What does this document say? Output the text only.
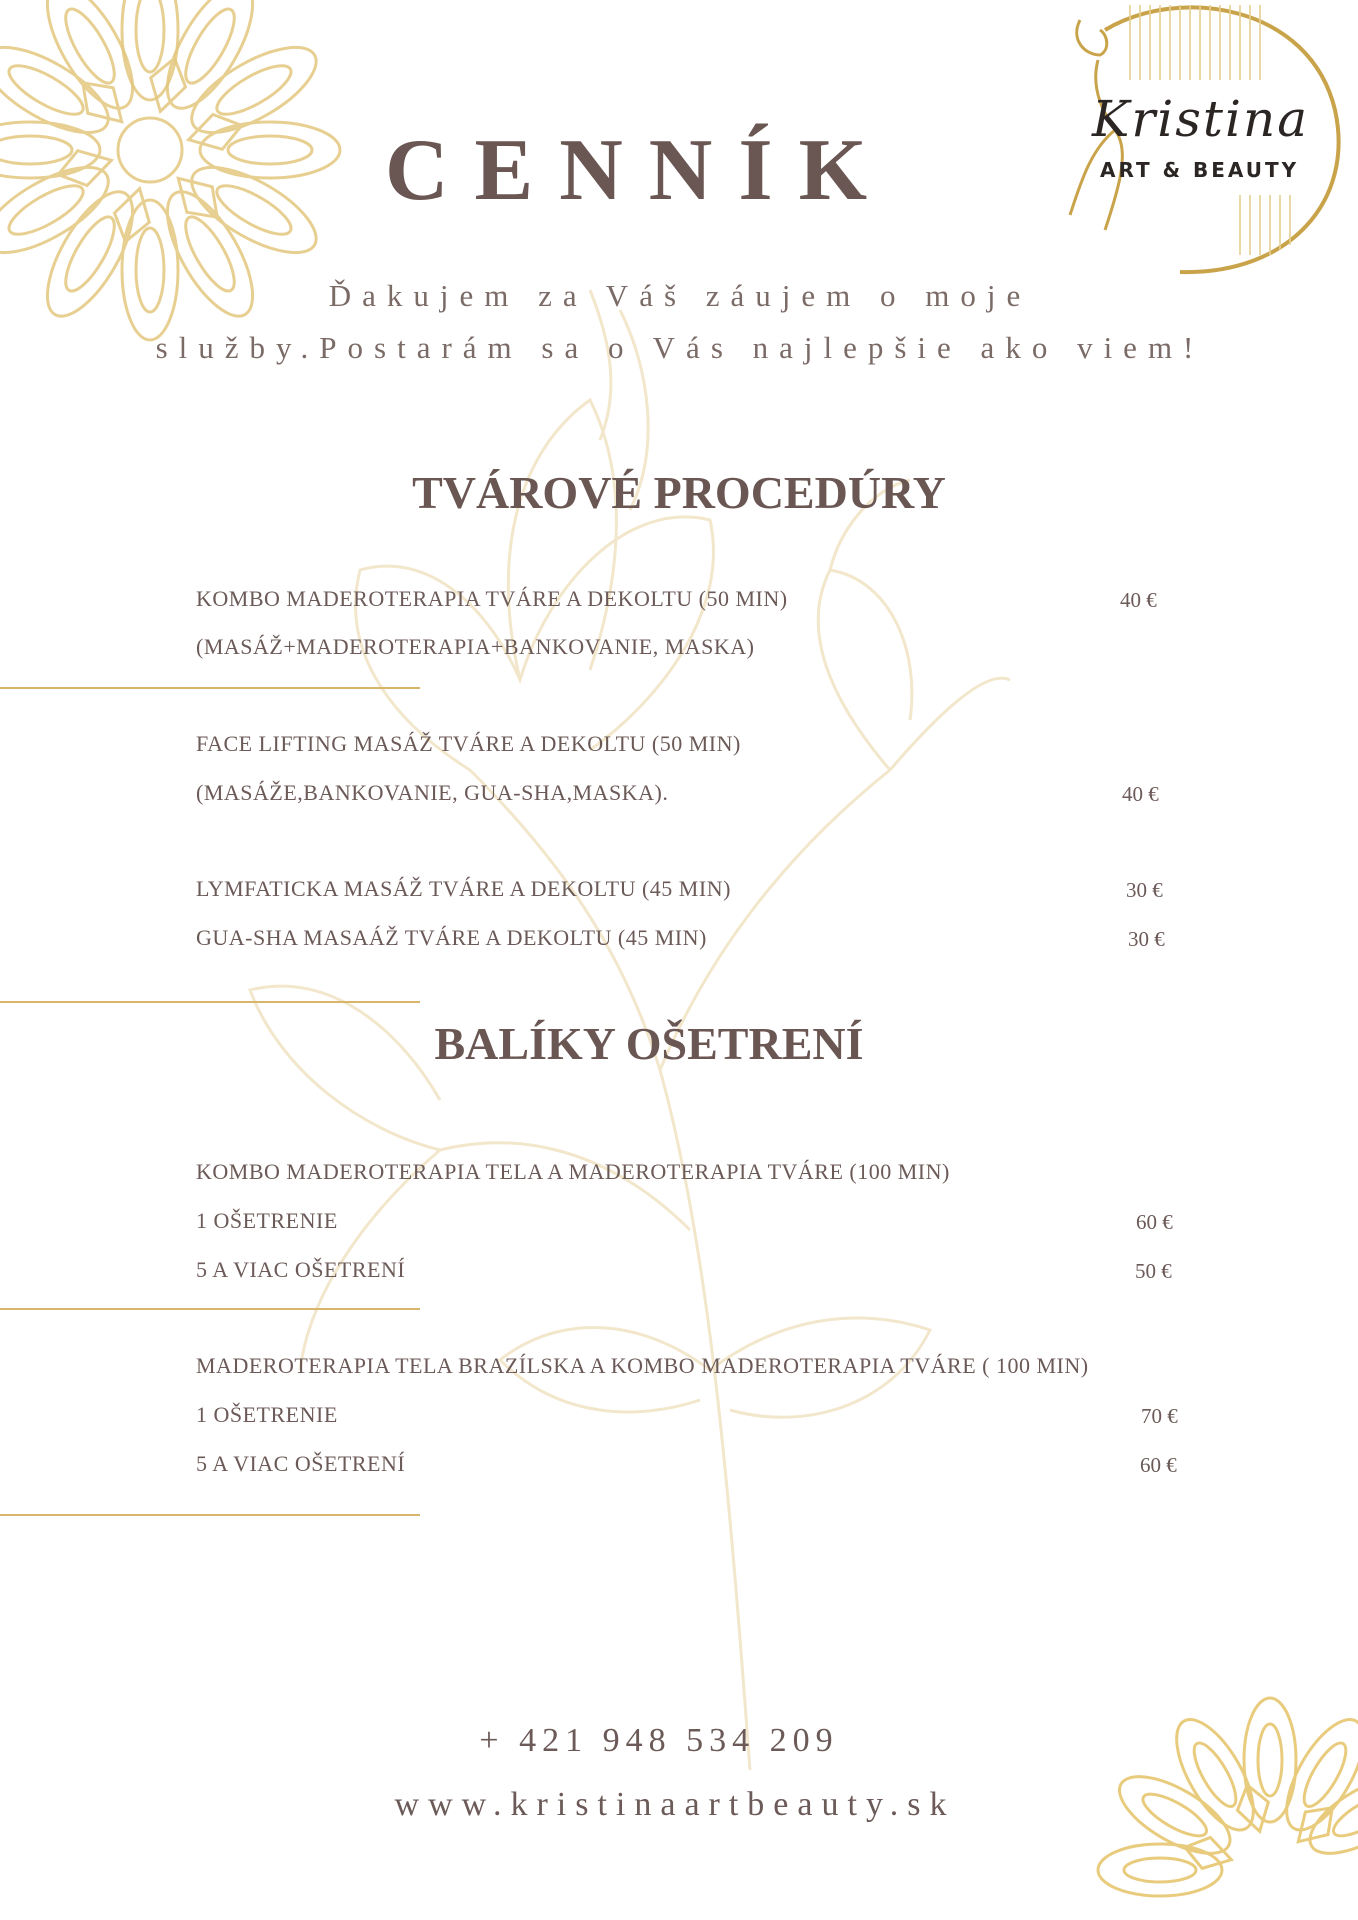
Kristina
ART & BEAUTY
CENNÍK

Ďakujem za Váš záujem o moje

služby.Postarám sa o Vás najlepšie ako viem!

TVÁROVÉ PROCEDÚRY
KOMBO MADEROTERAPIA TVÁRE A DEKOLTU (50 MIN)	40 €
(MASÁŽ+MADEROTERAPIA+BANKOVANIE, MASKA)
FACE LIFTING MASÁŽ TVÁRE A DEKOLTU (50 MIN)
(MASÁŽE,BANKOVANIE, GUA-SHA,MASKA).	40 €
LYMFATICKA MASÁŽ TVÁRE A DEKOLTU (45 MIN)	30 €
GUA-SHA MASAÁŽ TVÁRE A DEKOLTU (45 MIN)	30 €
BALÍKY OŠETRENÍ
KOMBO MADEROTERAPIA TELA A MADEROTERAPIA TVÁRE (100 MIN)
1 OŠETRENIE	60 €
5 A VIAC OŠETRENÍ	50 €
MADEROTERAPIA TELA BRAZÍLSKA A KOMBO MADEROTERAPIA TVÁRE ( 100 MIN)
1 OŠETRENIE	70 €
5 A VIAC OŠETRENÍ	60 €

+ 421 948 534 209

www.kristinaartbeauty.sk
